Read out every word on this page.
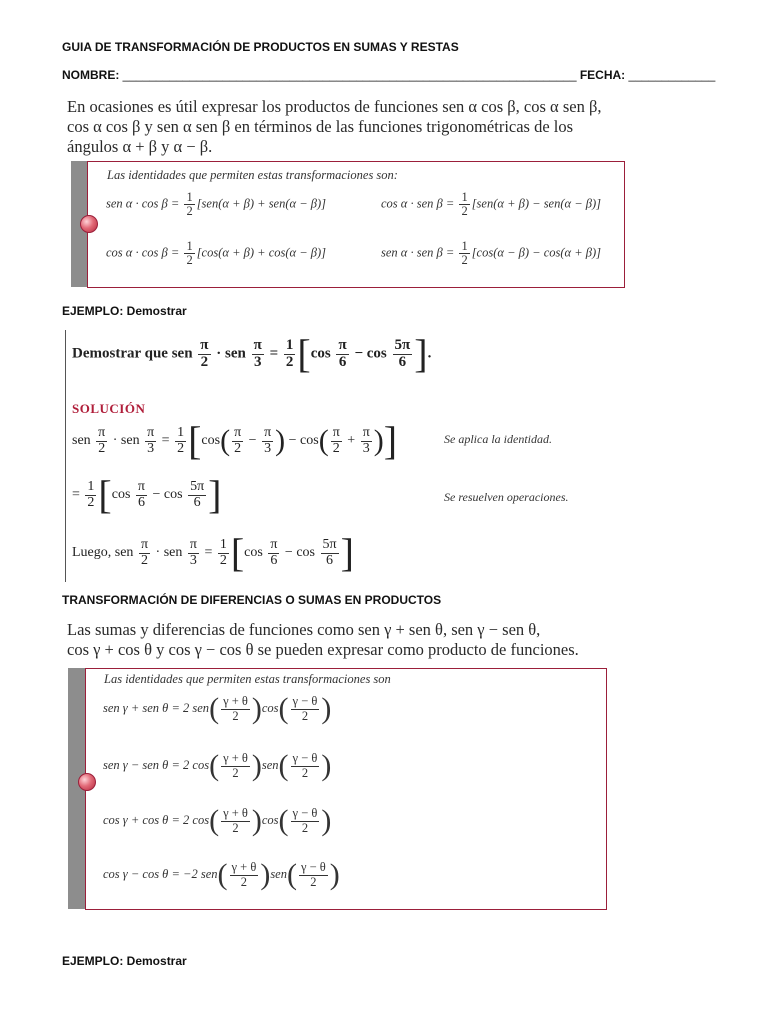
GUIA DE TRANSFORMACIÓN DE PRODUCTOS EN SUMAS Y RESTAS
NOMBRE: ____________________________________________________________________ FECHA: _____________
En ocasiones es útil expresar los productos de funciones sen α cos β, cos α sen β,
cos α cos β y sen α sen β en términos de las funciones trigonométricas de los
ángulos α + β y α − β.
Las identidades que permiten estas transformaciones son:
sen $\alpha \cdot \cos \beta = \frac{1}{2} [sen(\alpha + \beta) + sen(\alpha - \beta)]$	cos α · sen $\beta = \frac{1}{2} [sen(\alpha + \beta) - sen(\alpha - \beta)]$
$\cos \alpha \cdot \cos \beta = \frac{1}{2} [\cos(\alpha + \beta) + \cos(\alpha - \beta)]$	sen α · sen $\beta = \frac{1}{2} [\cos(\alpha - \beta) - \cos(\alpha + \beta)]$
EJEMPLO: Demostrar
Demostrar que sen $\frac{\pi}{2}$ · sen $\frac{\pi}{3} = \frac{1}{2} [\cos \frac{\pi}{6} - \cos \frac{5\pi}{6}$ ].
SOLUCIÓN
sen $\frac{\pi}{2}$ · sen $\frac{\pi}{3} = \frac{1}{2} [\cos( \frac{\pi}{2} - \frac{\pi}{3}$ ) − $\cos( \frac{\pi}{2} + \frac{\pi}{3}$ )]	Se aplica la identidad.
= $\frac{1}{2} [\cos \frac{\pi}{6} - \cos \frac{5\pi}{6}$ ]	Se resuelven operaciones.
Luego, sen $\frac{\pi}{2}$ · sen $\frac{\pi}{3} = \frac{1}{2} [\cos \frac{\pi}{6} - \cos \frac{5\pi}{6}$ ]
TRANSFORMACIÓN DE DIFERENCIAS O SUMAS EN PRODUCTOS
Las sumas y diferencias de funciones como sen γ + sen θ, sen γ − sen θ,
cos γ + cos θ y cos γ − cos θ se pueden expresar como producto de funciones.
Las identidades que permiten estas transformaciones son
sen γ + sen θ = 2 $sen( \frac{\gamma + \theta}{2} )\cos( \frac{\gamma - \theta}{2}$ )
sen γ − sen θ = 2 $\cos( \frac{\gamma + \theta}{2} )sen( \frac{\gamma - \theta}{2}$ )
cos γ + cos θ = 2 $\cos( \frac{\gamma + \theta}{2} )\cos( \frac{\gamma - \theta}{2}$ )
cos γ − cos θ = −2 $sen( \frac{\gamma + \theta}{2} )sen( \frac{\gamma - \theta}{2}$ )
EJEMPLO: Demostrar
